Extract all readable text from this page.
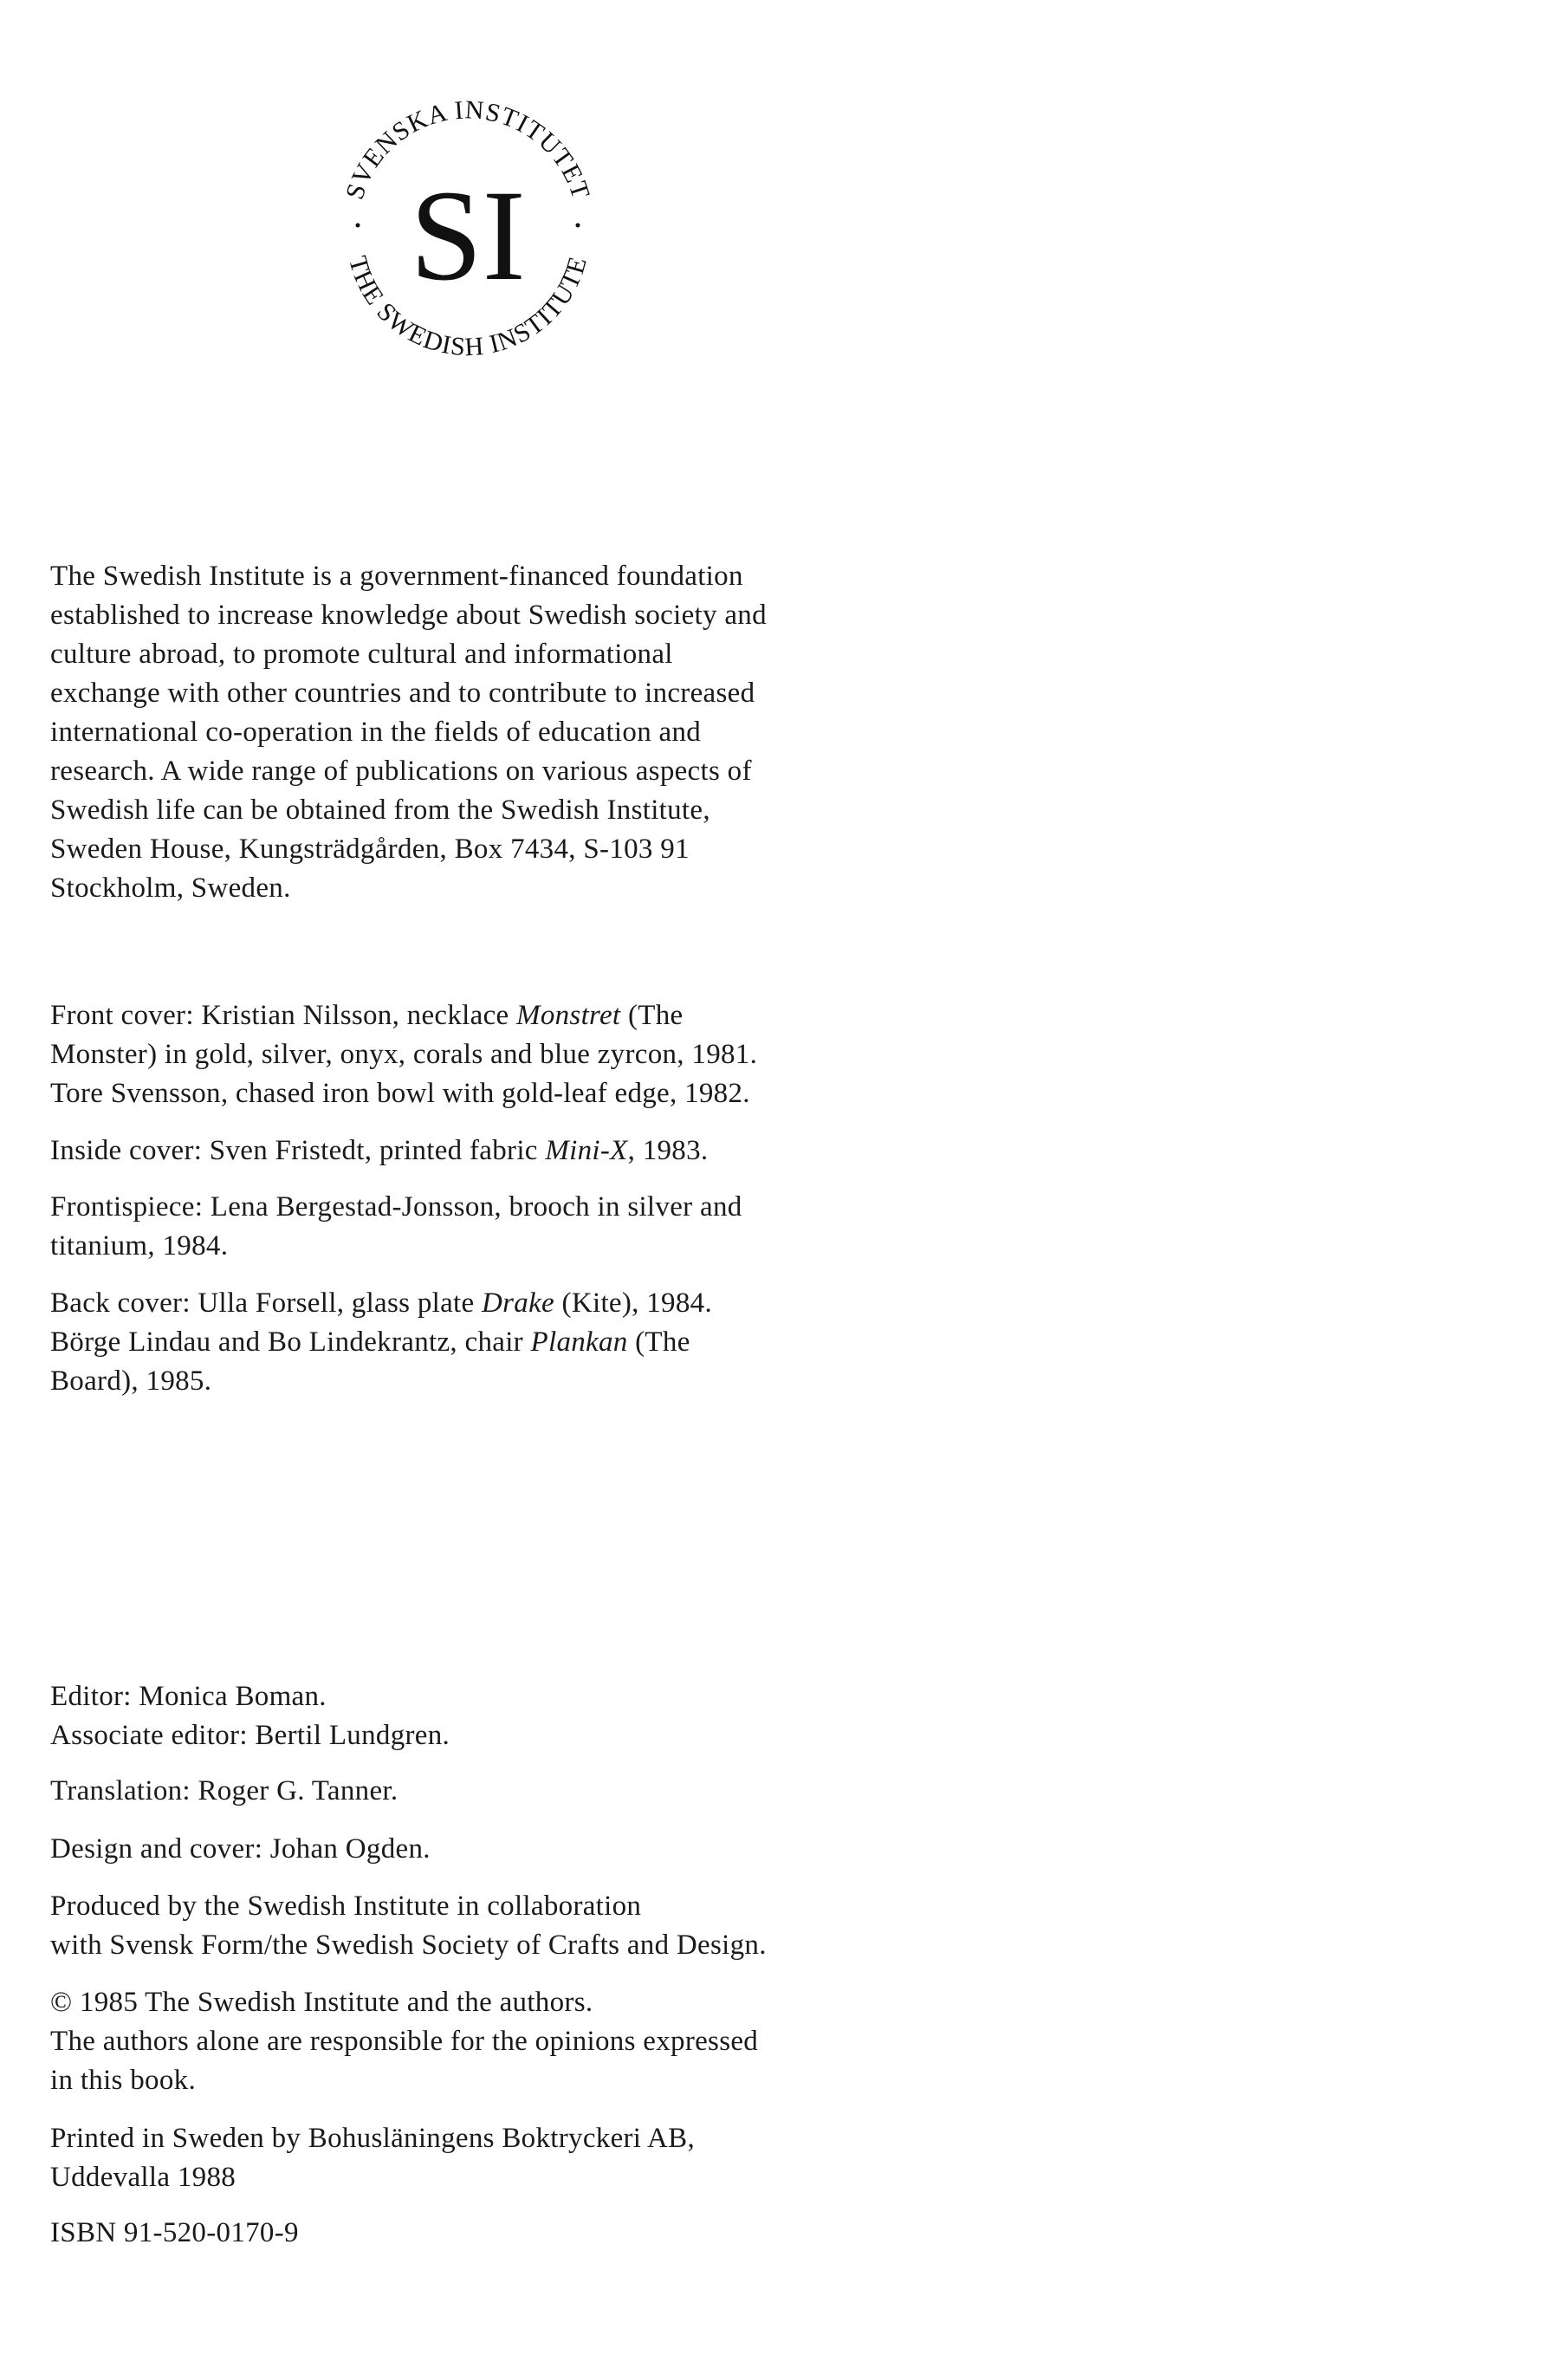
SVENSKA INSTITUTET
THE SWEDISH INSTITUTE
SI
The Swedish Institute is a government-financed foundation
established to increase knowledge about Swedish society and
culture abroad, to promote cultural and informational
exchange with other countries and to contribute to increased
international co-operation in the fields of education and
research. A wide range of publications on various aspects of
Swedish life can be obtained from the Swedish Institute,
Sweden House, Kungsträdgården, Box 7434, S-103 91
Stockholm, Sweden.
Front cover: Kristian Nilsson, necklace Monstret (The
Monster) in gold, silver, onyx, corals and blue zyrcon, 1981.
Tore Svensson, chased iron bowl with gold-leaf edge, 1982.
Inside cover: Sven Fristedt, printed fabric Mini-X, 1983.
Frontispiece: Lena Bergestad-Jonsson, brooch in silver and
titanium, 1984.
Back cover: Ulla Forsell, glass plate Drake (Kite), 1984.
Börge Lindau and Bo Lindekrantz, chair Plankan (The
Board), 1985.
Editor: Monica Boman.
Associate editor: Bertil Lundgren.
Translation: Roger G. Tanner.
Design and cover: Johan Ogden.
Produced by the Swedish Institute in collaboration
with Svensk Form/the Swedish Society of Crafts and Design.
© 1985 The Swedish Institute and the authors.
The authors alone are responsible for the opinions expressed
in this book.
Printed in Sweden by Bohusläningens Boktryckeri AB,
Uddevalla 1988
ISBN 91-520-0170-9
